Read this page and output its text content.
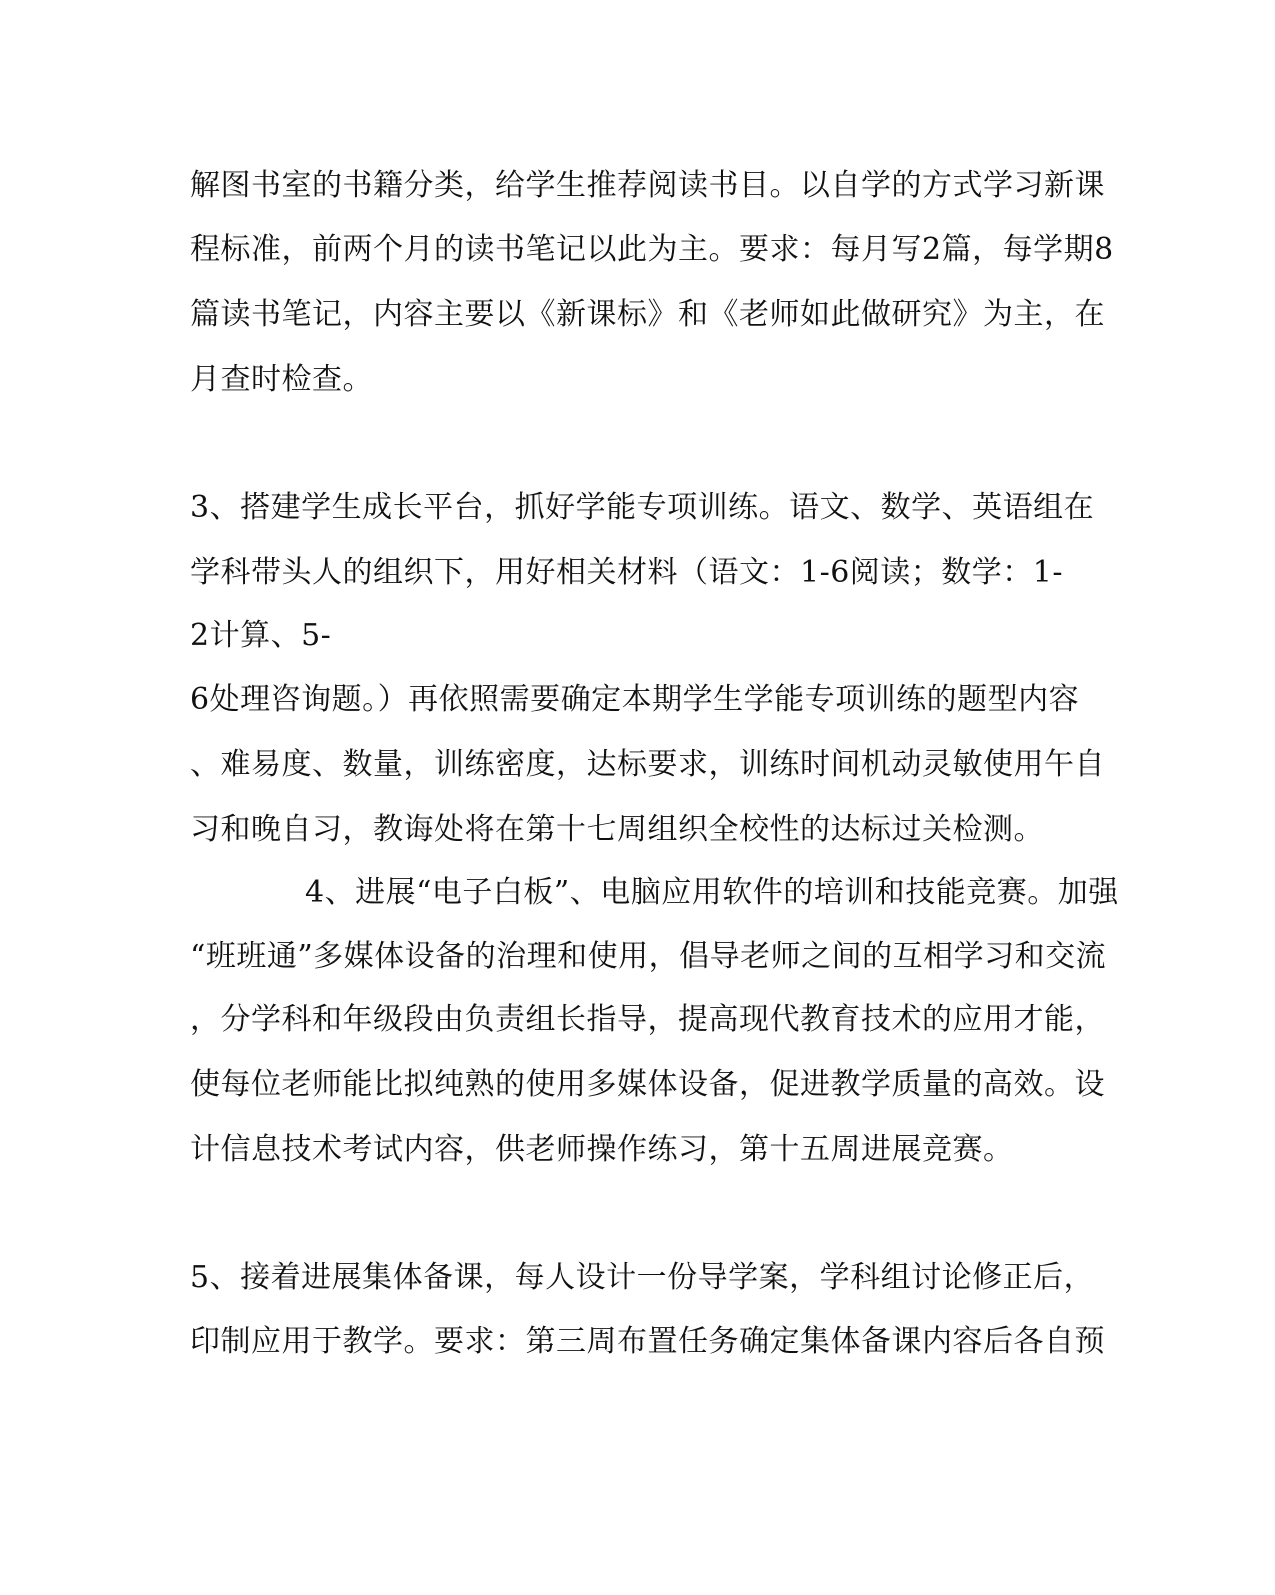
解图书室的书籍分类，给学生推荐阅读书目。以自学的方式学习新课
程标准，前两个月的读书笔记以此为主。要求：每月写2篇，每学期8
篇读书笔记，内容主要以《新课标》和《老师如此做研究》为主，在
月查时检查。
3、搭建学生成长平台，抓好学能专项训练。语文、数学、英语组在
学科带头人的组织下，用好相关材料（语文：1-6阅读；数学：1-
2计算、5-
6处理咨询题。）再依照需要确定本期学生学能专项训练的题型内容
、难易度、数量，训练密度，达标要求，训练时间机动灵敏使用午自
习和晚自习，教诲处将在第十七周组织全校性的达标过关检测。
4、进展“电子白板”、电脑应用软件的培训和技能竞赛。加强
“班班通”多媒体设备的治理和使用，倡导老师之间的互相学习和交流
，分学科和年级段由负责组长指导，提高现代教育技术的应用才能，
使每位老师能比拟纯熟的使用多媒体设备，促进教学质量的高效。设
计信息技术考试内容，供老师操作练习，第十五周进展竞赛。
5、接着进展集体备课，每人设计一份导学案，学科组讨论修正后，
印制应用于教学。要求：第三周布置任务确定集体备课内容后各自预
